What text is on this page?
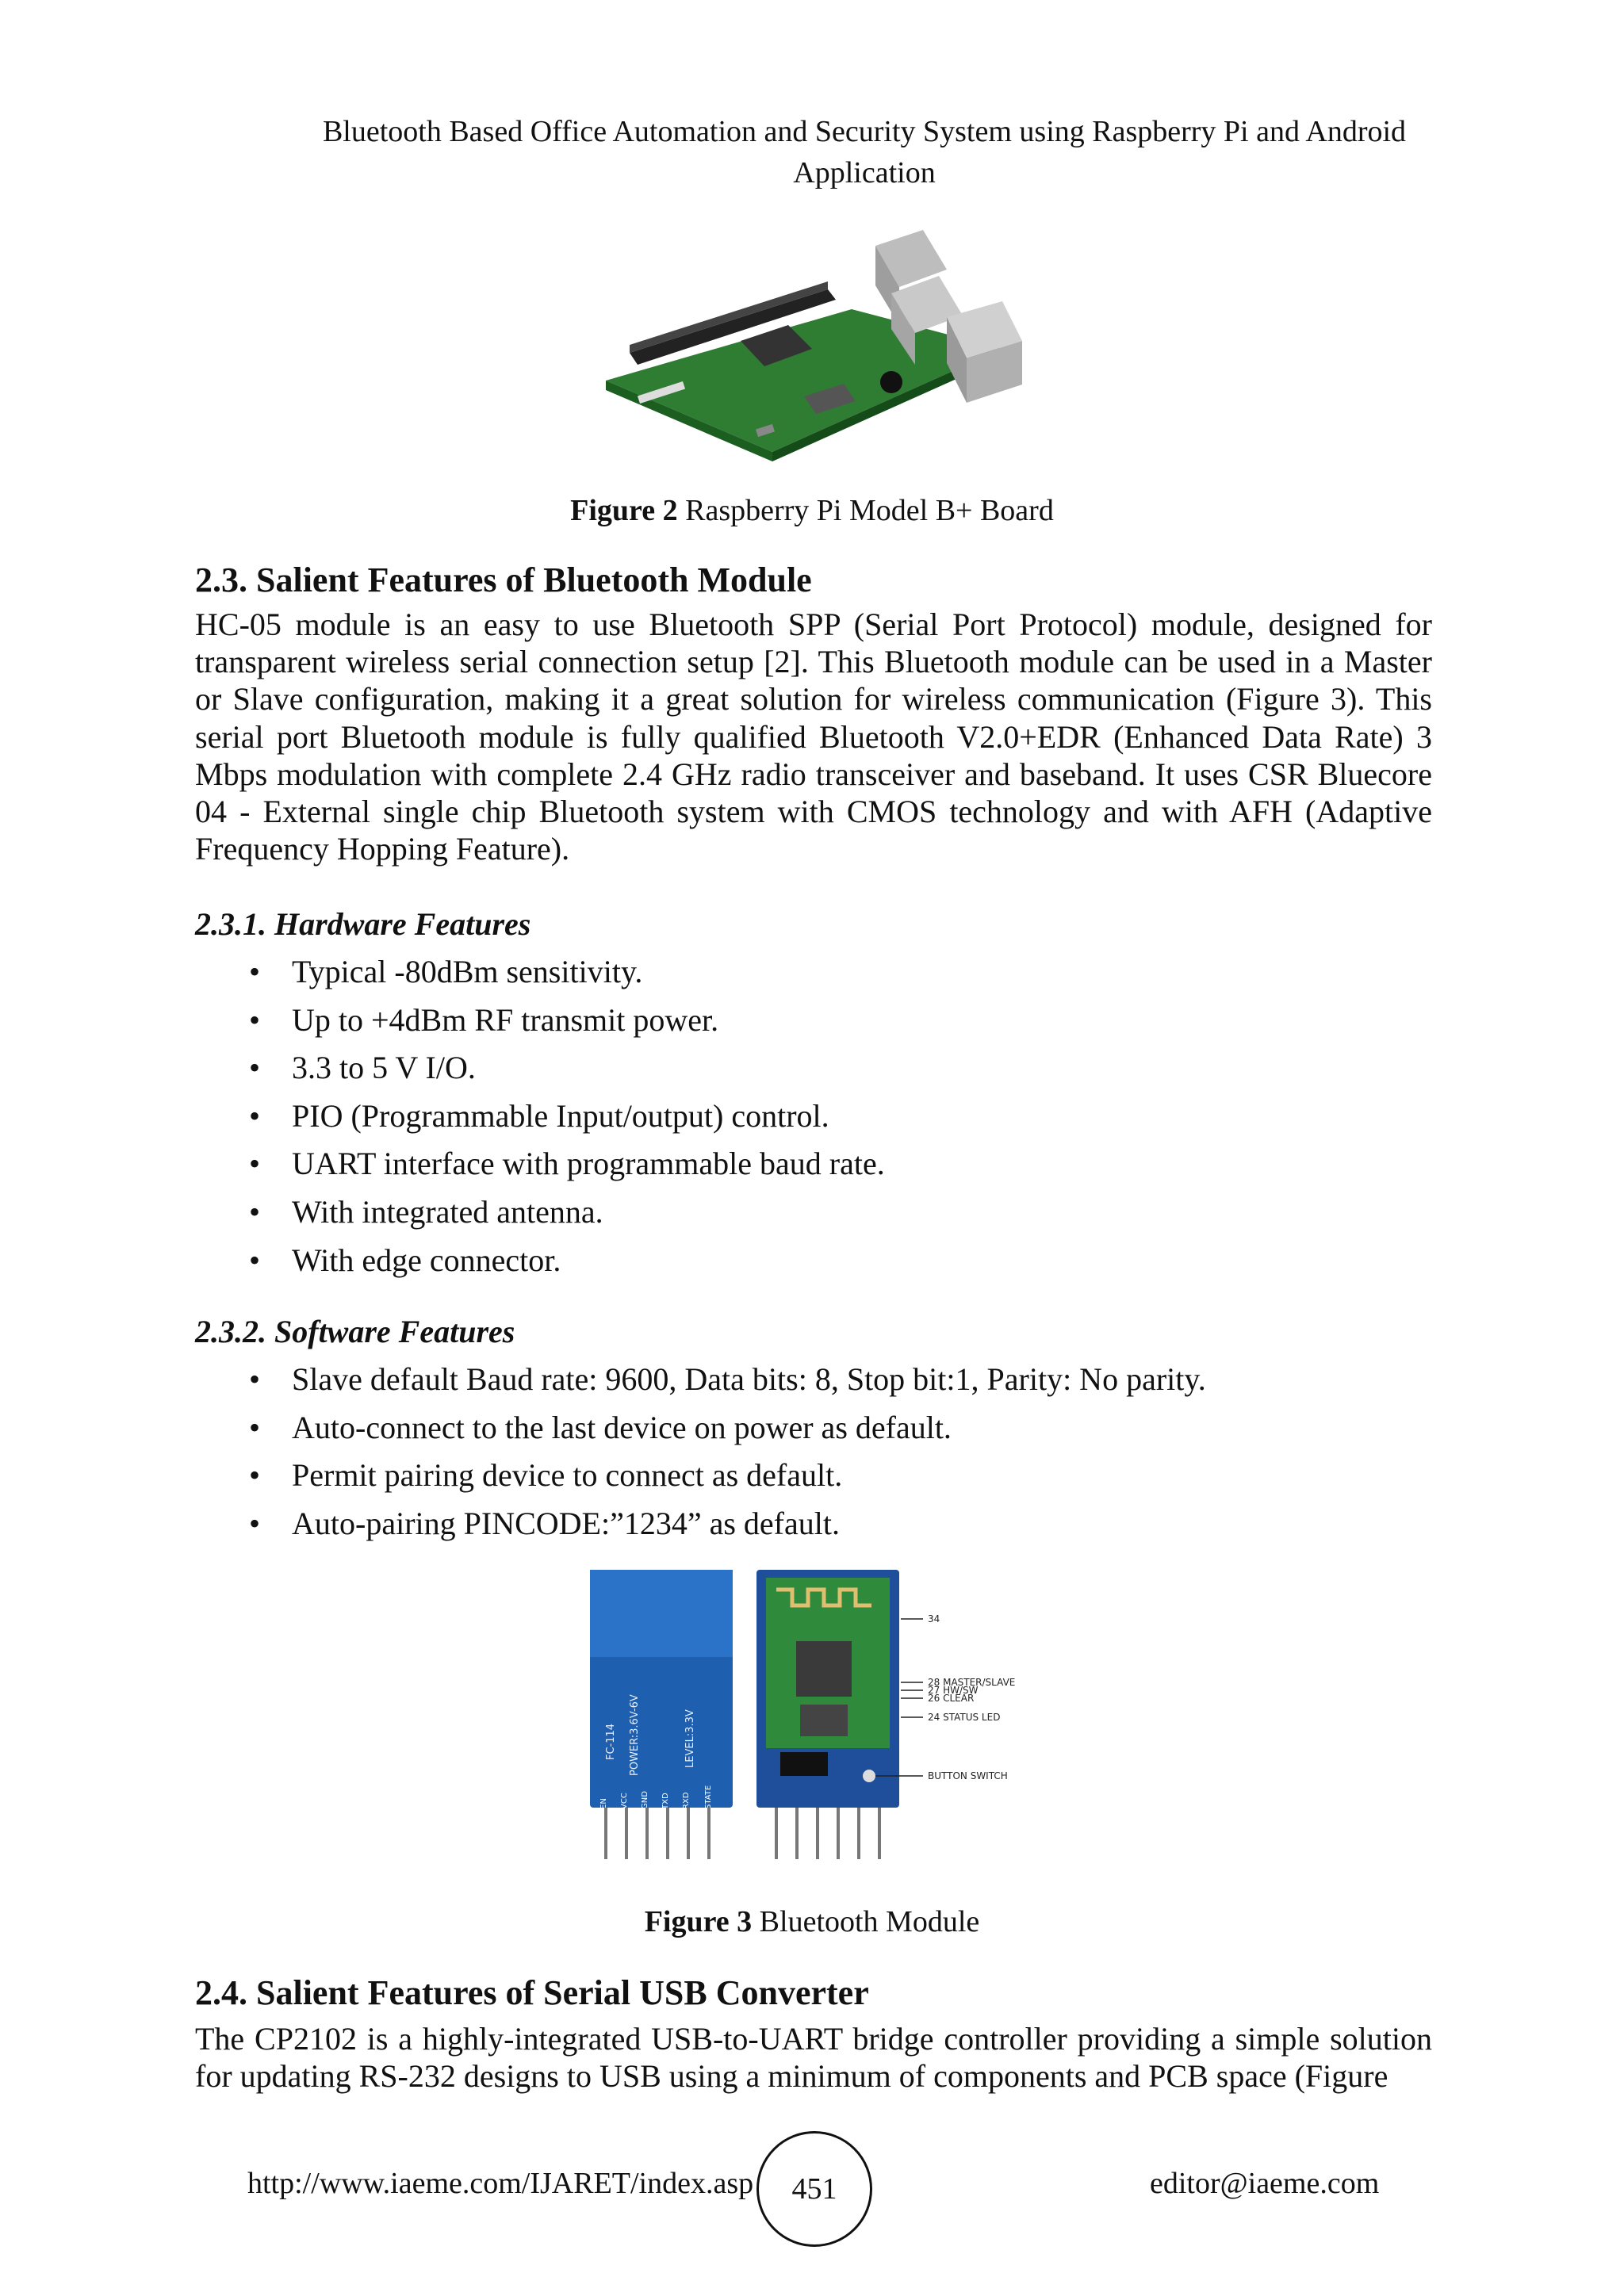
Bluetooth Based Office Automation and Security System using Raspberry Pi and Android
Application
Figure 2 Raspberry Pi Model B+ Board
2.3. Salient Features of Bluetooth Module
HC-05 module is an easy to use Bluetooth SPP (Serial Port Protocol) module, designed for transparent wireless serial connection setup [2]. This Bluetooth module can be used in a Master or Slave configuration, making it a great solution for wireless communication (Figure 3). This serial port Bluetooth module is fully qualified Bluetooth V2.0+EDR (Enhanced Data Rate) 3 Mbps modulation with complete 2.4 GHz radio transceiver and baseband. It uses CSR Bluecore 04 - External single chip Bluetooth system with CMOS technology and with AFH (Adaptive Frequency Hopping Feature).
2.3.1. Hardware Features
• Typical -80dBm sensitivity.
• Up to +4dBm RF transmit power.
• 3.3 to 5 V I/O.
• PIO (Programmable Input/output) control.
• UART interface with programmable baud rate.
• With integrated antenna.
• With edge connector.
2.3.2. Software Features
• Slave default Baud rate: 9600, Data bits: 8, Stop bit:1, Parity: No parity.
• Auto-connect to the last device on power as default.
• Permit pairing device to connect as default.
• Auto-pairing PINCODE:”1234” as default.
FC-114 POWER:3.6V-6V	LEVEL:3.3V
EN VCC GND TXD RXD STATE
34
28 MASTER/SLAVE
27 HW/SW
26 CLEAR
24 STATUS LED
BUTTON SWITCH
Figure 3 Bluetooth Module
2.4. Salient Features of Serial USB Converter
The CP2102 is a highly-integrated USB-to-UART bridge controller providing a simple solution for updating RS-232 designs to USB using a minimum of components and PCB space (Figure
http://www.iaeme.com/IJARET/index.asp 451	editor@iaeme.com
